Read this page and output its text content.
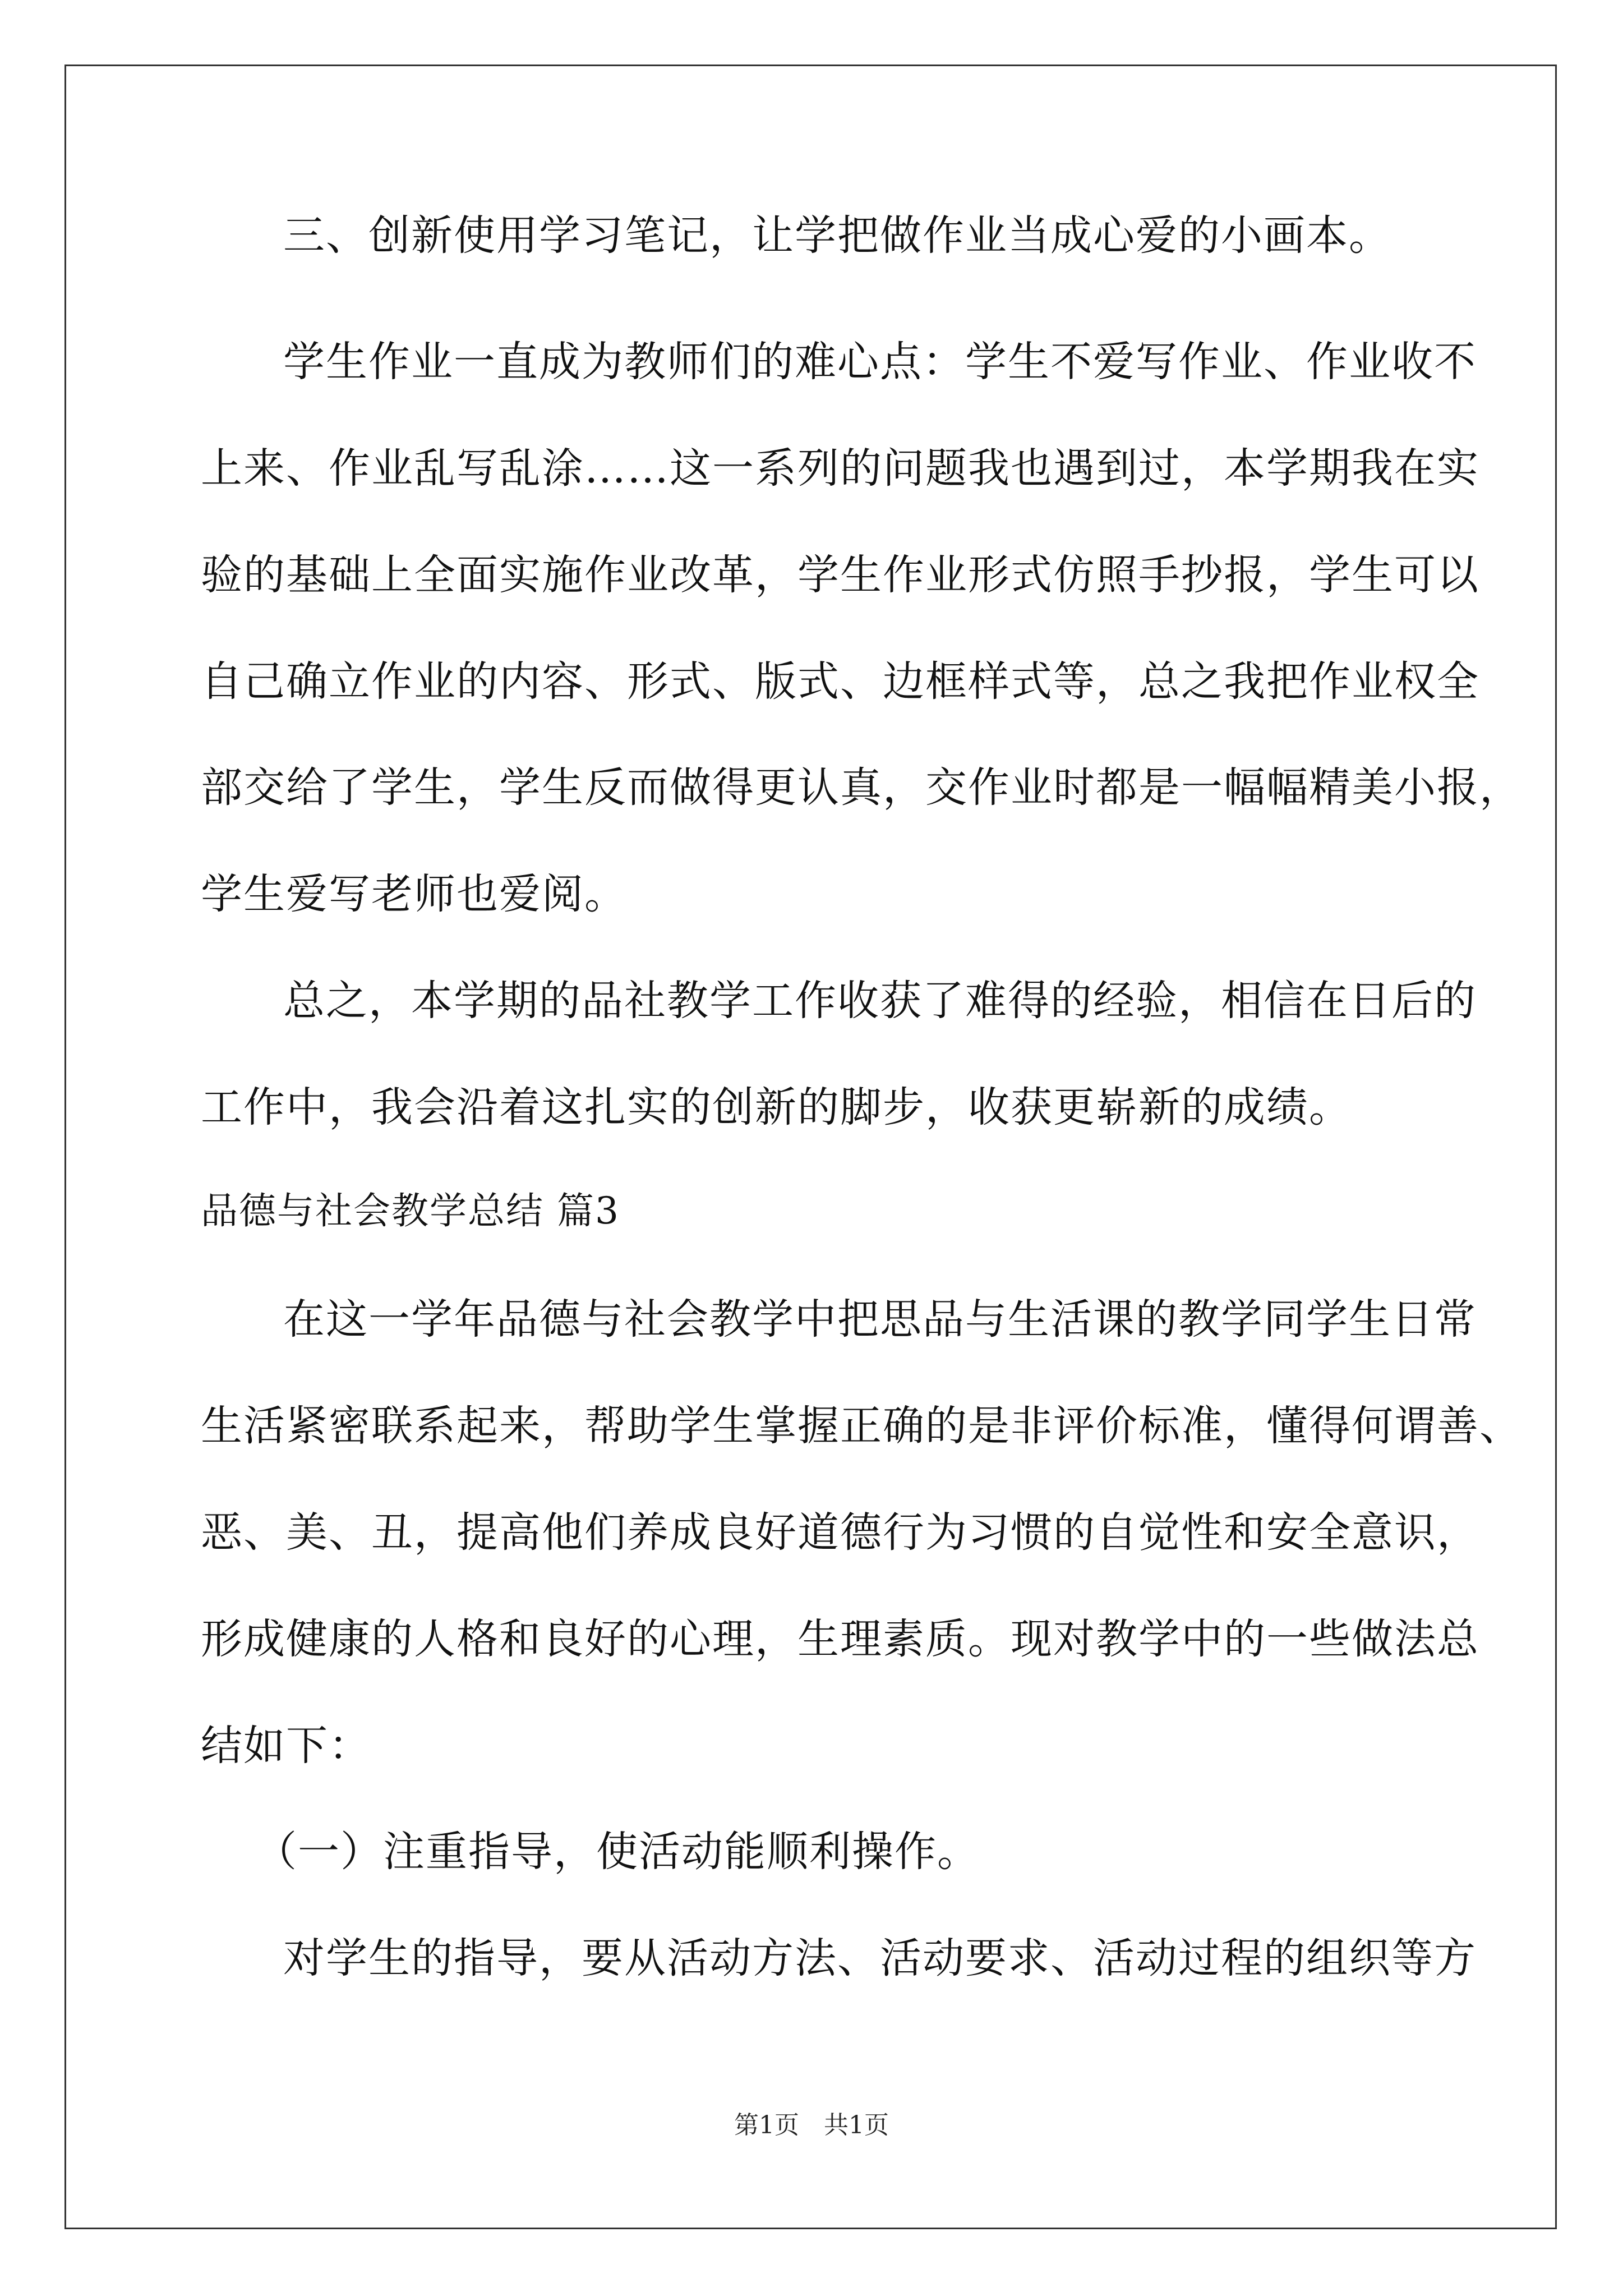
三、创新使用学习笔记，让学把做作业当成心爱的小画本。
学生作业一直成为教师们的难心点：学生不爱写作业、作业收不
上来、作业乱写乱涂……这一系列的问题我也遇到过，本学期我在实
验的基础上全面实施作业改革，学生作业形式仿照手抄报，学生可以
自己确立作业的内容、形式、版式、边框样式等，总之我把作业权全
部交给了学生，学生反而做得更认真，交作业时都是一幅幅精美小报，
学生爱写老师也爱阅。
总之，本学期的品社教学工作收获了难得的经验，相信在日后的
工作中，我会沿着这扎实的创新的脚步，收获更崭新的成绩。
品德与社会教学总结 篇3
在这一学年品德与社会教学中把思品与生活课的教学同学生日常
生活紧密联系起来，帮助学生掌握正确的是非评价标准，懂得何谓善、
恶、美、丑，提高他们养成良好道德行为习惯的自觉性和安全意识，
形成健康的人格和良好的心理，生理素质。现对教学中的一些做法总
结如下：
（一）注重指导，使活动能顺利操作。
对学生的指导，要从活动方法、活动要求、活动过程的组织等方
第1页　共1页
